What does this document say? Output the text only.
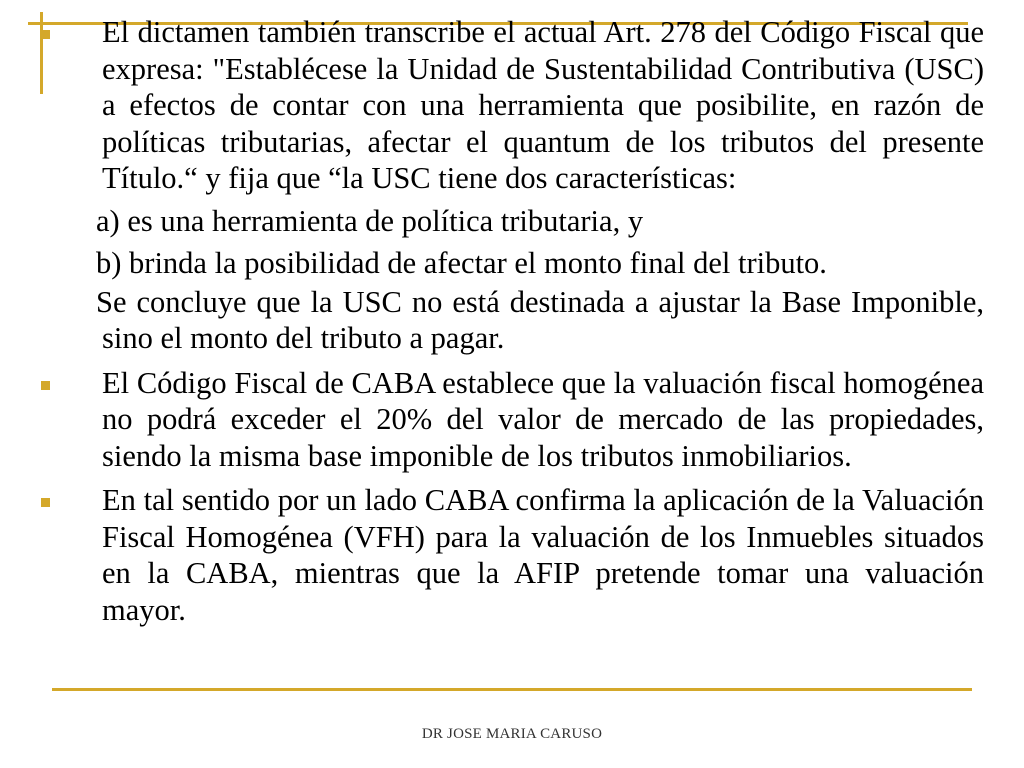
El dictamen también transcribe el actual Art. 278 del Código Fiscal que expresa: "Establécese la Unidad de Sustentabilidad Contributiva (USC) a efectos de contar con una herramienta que posibilite, en razón de políticas tributarias, afectar el quantum de los tributos del presente Título.“ y fija que “la USC tiene dos características:
a) es una herramienta de política tributaria, y
b) brinda la posibilidad de afectar el monto final del tributo.
Se concluye que la USC no está destinada a ajustar la Base Imponible, sino el monto del tributo a pagar.
El Código Fiscal de CABA establece que la valuación fiscal homogénea no podrá exceder el 20% del valor de mercado de las propiedades, siendo la misma base imponible de los tributos inmobiliarios.
En tal sentido por un lado CABA confirma la aplicación de la Valuación Fiscal Homogénea (VFH) para la valuación de los Inmuebles situados en la CABA, mientras que la AFIP pretende tomar una valuación mayor.
DR JOSE MARIA CARUSO
